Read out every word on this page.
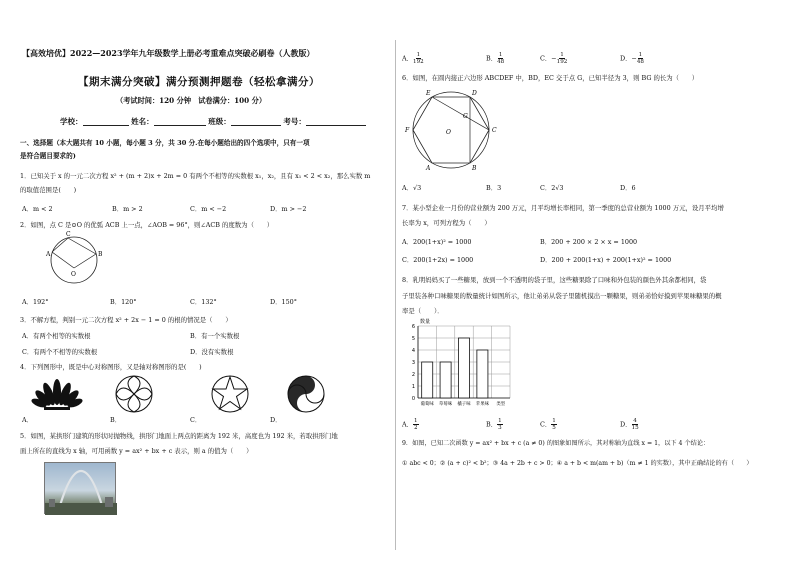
【高效培优】2022—2023学年九年级数学上册必考重难点突破必刷卷（人教版）
【期末满分突破】满分预测押题卷（轻松拿满分）
（考试时间：120 分钟　试卷满分：100 分）
学校：	姓名：	班级：	考号：
一、选择题（本大题共有 10 小题，每小题 3 分，共 30 分.在每小题给出的四个选项中，只有一项
是符合题目要求的)
1．已知关于 x 的一元二次方程 x² + (m + 2)x + 2m = 0 有两个不相等的实数根 x₁，x₂，且有 x₁ < 2 < x₂，那么实数 m
的取值范围是(　　)
A．m < 2	B．m > 2	C．m < −2	D．m > −2
2．如图，点 C 是⊙O 的优弧 ACB 上一点，∠AOB = 96°，则∠ACB 的度数为（　　）
C
A	B
O
A．192°	B．120°	C．132°	D．150°
3．不解方程，判别一元二次方程 x² + 2x − 1 = 0 的根的情况是（　　）
A．有两个相等的实数根	B．有一个实数根
C．有两个不相等的实数根	D．没有实数根
4．下列图形中，既是中心对称图形，又是轴对称图形的是(　　)
A．	B．	C．	D．
5．如图，某拱形门建筑的形状时抛物线，拱形门地面上两点的距离为 192 米，高度也为 192 米，若取拱形门地
面上所在的直线为 x 轴，可用函数 y = ax² + bx + c 表示，则 a 的值为（　　）
A． $\frac{1}{192}$	B． $\frac{1}{48}$	C．− $\frac{1}{192}$	D．− $\frac{1}{48}$
6．如图，在圆内接正六边形 ABCDEF 中，BD，EC 交于点 G，已知半径为 3，则 BG 的长为（　　）
E	D
F
G
C
O
A	B
A．√3	B．3	C．2√3	D．6
7．某小型企业一月份的营业额为 200 万元，月平均增长率相同，第一季度的总营业额为 1000 万元，设月平均增
长率为 x，可列方程为（　　）
A．200(1+x)² = 1000	B．200 + 200 × 2 × x = 1000
C．200(1+2x) = 1000	D．200 + 200(1+x) + 200(1+x)² = 1000
8．乳明妈妈买了一些糖果，放到一个不透明的袋子里，这些糖果除了口味和外包装的颜色外其余都相同，袋
子里装各种口味糖果的数量统计如图所示，他让弟弟从袋子里随机摸出一颗糖果，则弟弟恰好摸到苹果味糖果的概
率是（　　）．
0
1
2
3
4
5
6
数量
葡萄味 草莓味 橘子味 苹果味 类型
A． $\frac{1}{2}$	B． $\frac{1}{3}$	C． $\frac{1}{5}$	D． $\frac{4}{15}$
9．如图，已知二次函数 y = ax² + bx + c (a ≠ 0) 的图象如图所示，其对称轴为直线 x = 1，以下 4 个结论：
① abc < 0；② (a + c)² < b²；③ 4a + 2b + c > 0；④ a + b < m(am + b)（m ≠ 1 的实数），其中正确结论的有（　　）
